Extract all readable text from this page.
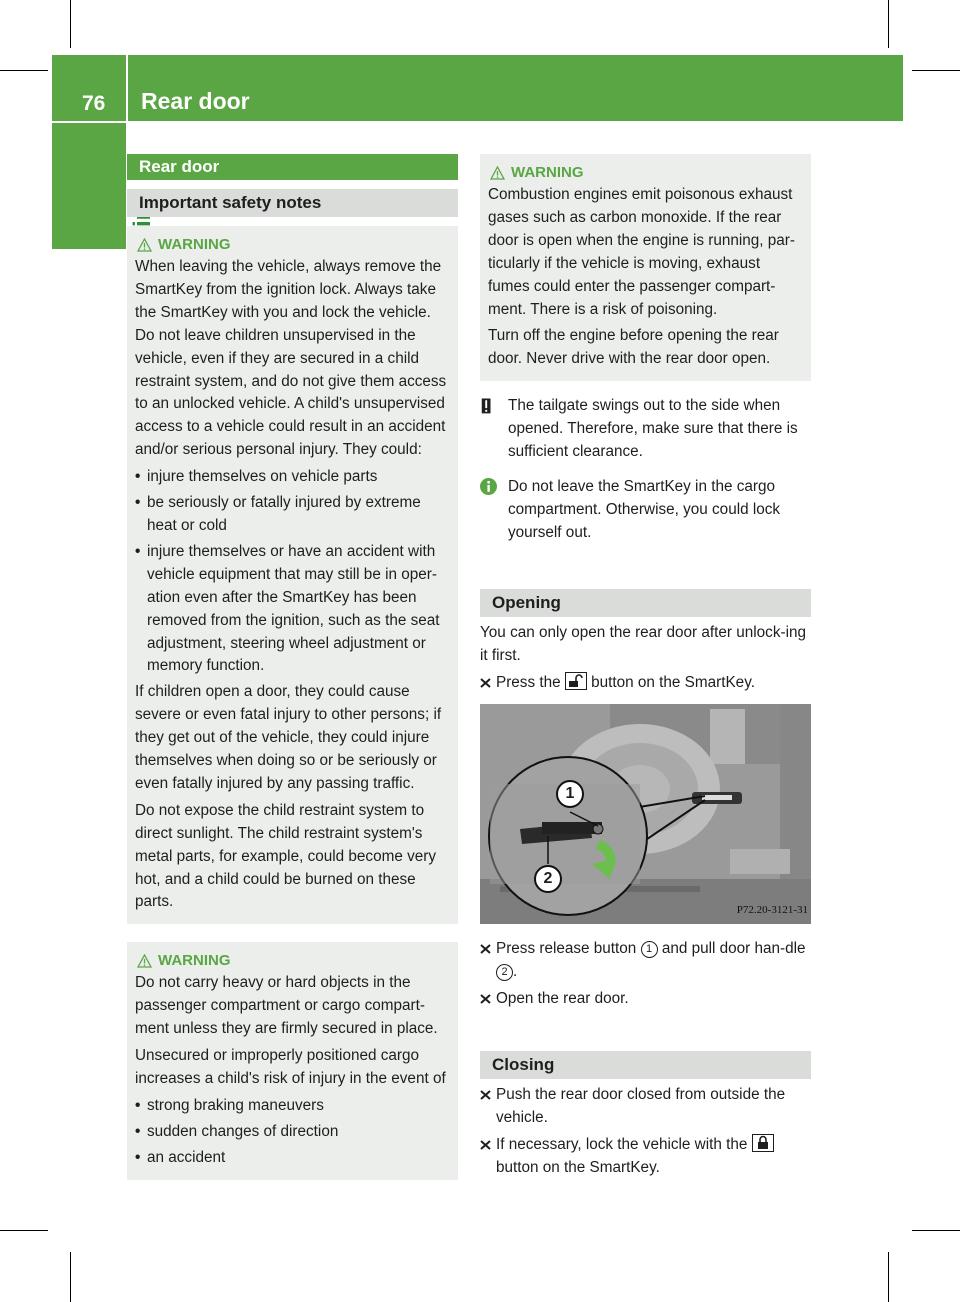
76 Rear door
Rear door
Important safety notes
WARNING

When leaving the vehicle, always remove the SmartKey from the ignition lock. Always take the SmartKey with you and lock the vehicle. Do not leave children unsupervised in the vehicle, even if they are secured in a child restraint system, and do not give them access to an unlocked vehicle. A child's unsupervised access to a vehicle could result in an accident and/or serious personal injury. They could:

• injure themselves on vehicle parts
• be seriously or fatally injured by extreme heat or cold
• injure themselves or have an accident with vehicle equipment that may still be in oper-ation even after the SmartKey has been removed from the ignition, such as the seat adjustment, steering wheel adjustment or memory function.

If children open a door, they could cause severe or even fatal injury to other persons; if they get out of the vehicle, they could injure themselves when doing so or be seriously or even fatally injured by any passing traffic.

Do not expose the child restraint system to direct sunlight. The child restraint system's metal parts, for example, could become very hot, and a child could be burned on these parts.

WARNING

Do not carry heavy or hard objects in the passenger compartment or cargo compart-ment unless they are firmly secured in place.

Unsecured or improperly positioned cargo increases a child's risk of injury in the event of

• strong braking maneuvers
• sudden changes of direction
• an accident
WARNING

Combustion engines emit poisonous exhaust gases such as carbon monoxide. If the rear door is open when the engine is running, par-ticularly if the vehicle is moving, exhaust fumes could enter the passenger compart-ment. There is a risk of poisoning.

Turn off the engine before opening the rear door. Never drive with the rear door open.

The tailgate swings out to the side when opened. Therefore, make sure that there is sufficient clearance.
Do not leave the SmartKey in the cargo compartment. Otherwise, you could lock yourself out.
Opening

You can only open the rear door after unlock-ing it first.

Press the button on the SmartKey.
1
2
P72.20-3121-31
Press release button 1 and pull door han-dle 2 .
Open the rear door.
Closing
Push the rear door closed from outside the vehicle.
If necessary, lock the vehicle with the  button on the SmartKey.
